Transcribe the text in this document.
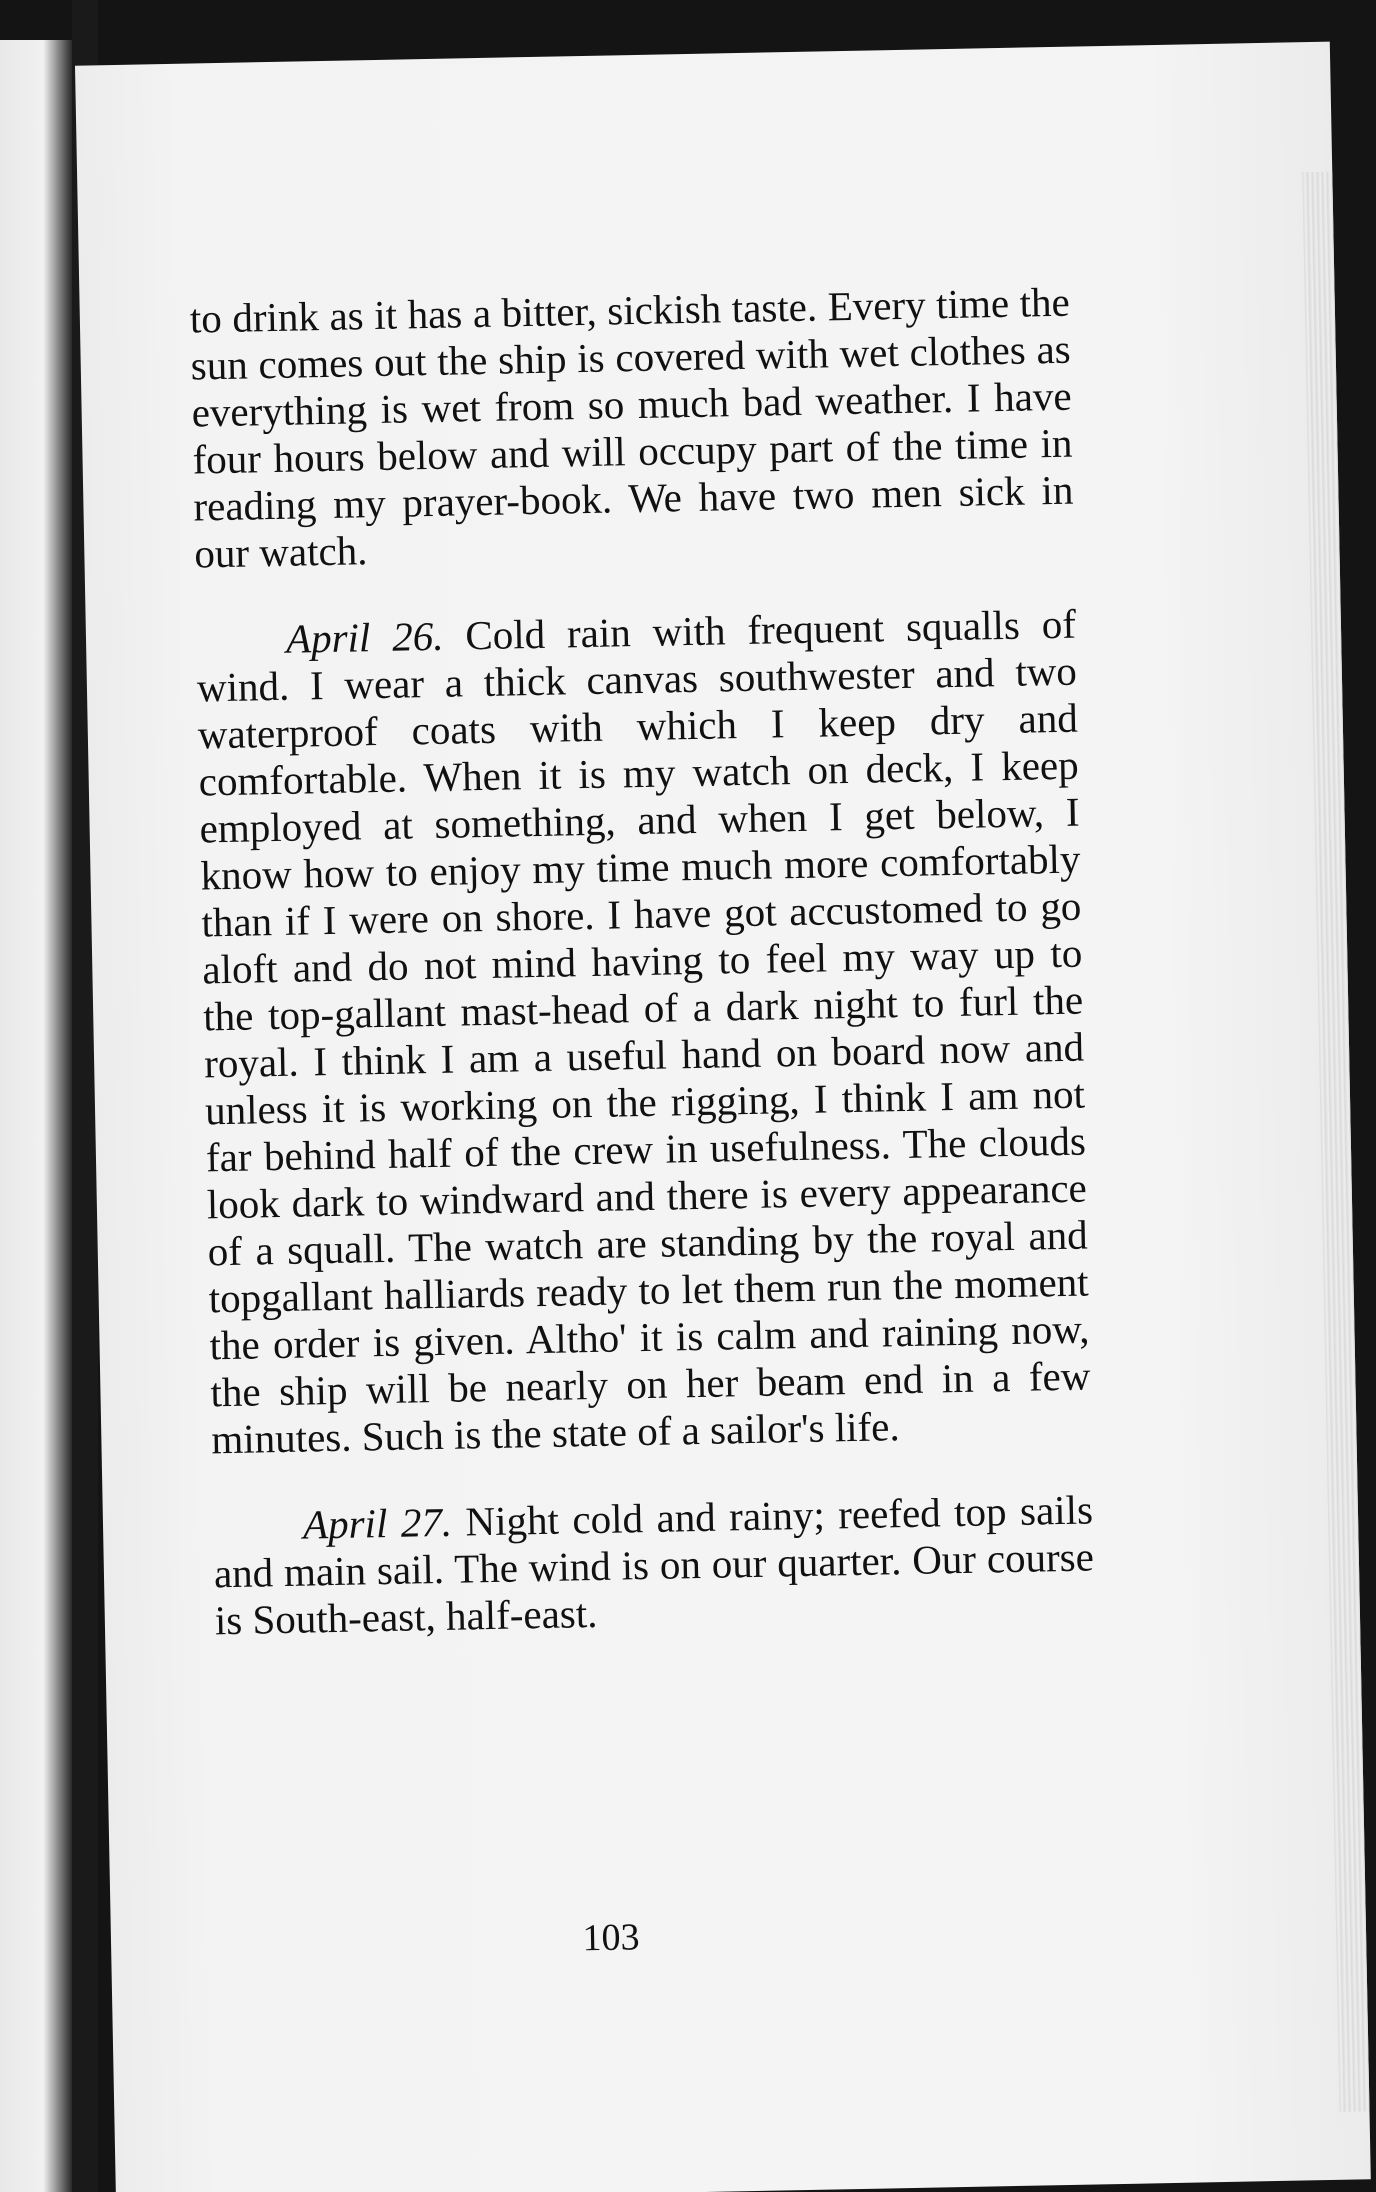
to drink as it has a bitter, sickish taste. Every time the sun comes out the ship is covered with wet clothes as everything is wet from so much bad weather. I have four hours below and will occupy part of the time in reading my prayer-book. We have two men sick in our watch.

April 26. Cold rain with frequent squalls of wind. I wear a thick canvas southwester and two waterproof coats with which I keep dry and comfortable. When it is my watch on deck, I keep employed at something, and when I get below, I know how to enjoy my time much more comfortably than if I were on shore. I have got accustomed to go aloft and do not mind having to feel my way up to the top-gallant mast-head of a dark night to furl the royal. I think I am a useful hand on board now and unless it is working on the rigging, I think I am not far behind half of the crew in usefulness. The clouds look dark to windward and there is every appearance of a squall. The watch are standing by the royal and topgallant halliards ready to let them run the moment the order is given. Altho' it is calm and raining now, the ship will be nearly on her beam end in a few minutes. Such is the state of a sailor's life.

April 27. Night cold and rainy; reefed top sails and main sail. The wind is on our quarter. Our course is South-east, half-east.

103
